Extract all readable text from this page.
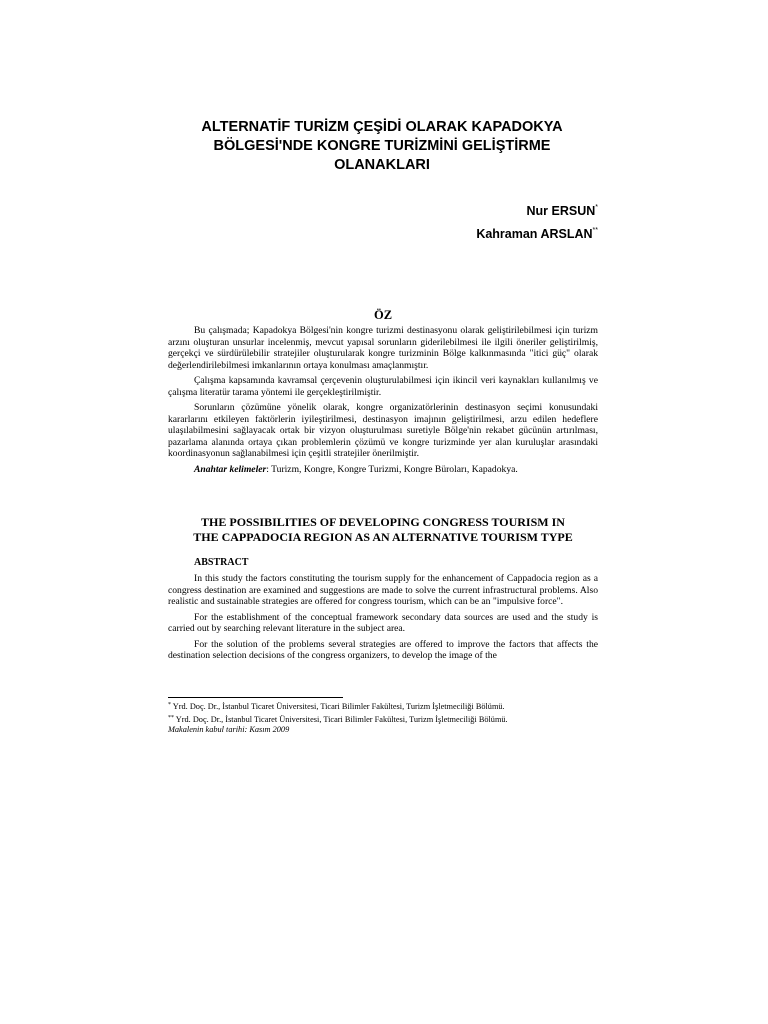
ALTERNATİF TURİZM ÇEŞİDİ OLARAK KAPADOKYA
BÖLGESİ'NDE KONGRE TURİZMİNİ GELİŞTİRME
OLANAKLARI
Nur ERSUN*
Kahraman ARSLAN**
ÖZ

Bu çalışmada; Kapadokya Bölgesi'nin kongre turizmi destinasyonu olarak geliştirilebilmesi için turizm arzını oluşturan unsurlar incelenmiş, mevcut yapısal sorunların giderilebilmesi ile ilgili öneriler geliştirilmiş, gerçekçi ve sürdürülebilir stratejiler oluşturularak kongre turizminin Bölge kalkınmasında "itici güç" olarak değerlendirilebilmesi imkanlarının ortaya konulması amaçlanmıştır.

Çalışma kapsamında kavramsal çerçevenin oluşturulabilmesi için ikincil veri kaynakları kullanılmış ve çalışma literatür tarama yöntemi ile gerçekleştirilmiştir.

Sorunların çözümüne yönelik olarak, kongre organizatörlerinin destinasyon seçimi konusundaki kararlarını etkileyen faktörlerin iyileştirilmesi, destinasyon imajının geliştirilmesi, arzu edilen hedeflere ulaşılabilmesini sağlayacak ortak bir vizyon oluşturulması suretiyle Bölge'nin rekabet gücünün artırılması, pazarlama alanında ortaya çıkan problemlerin çözümü ve kongre turizminde yer alan kuruluşlar arasındaki koordinasyonun sağlanabilmesi için çeşitli stratejiler önerilmiştir.

Anahtar kelimeler: Turizm, Kongre, Kongre Turizmi, Kongre Büroları, Kapadokya.

THE POSSIBILITIES OF DEVELOPING CONGRESS TOURISM IN
THE CAPPADOCIA REGION AS AN ALTERNATIVE TOURISM TYPE
ABSTRACT

In this study the factors constituting the tourism supply for the enhancement of Cappadocia region as a congress destination are examined and suggestions are made to solve the current infrastructural problems. Also realistic and sustainable strategies are offered for congress tourism, which can be an "impulsive force".

For the establishment of the conceptual framework secondary data sources are used and the study is carried out by searching relevant literature in the subject area.

For the solution of the problems several strategies are offered to improve the factors that affects the destination selection decisions of the congress organizers, to develop the image of the

* Yrd. Doç. Dr., İstanbul Ticaret Üniversitesi, Ticari Bilimler Fakültesi, Turizm İşletmeciliği Bölümü.
** Yrd. Doç. Dr., İstanbul Ticaret Üniversitesi, Ticari Bilimler Fakültesi, Turizm İşletmeciliği Bölümü.
Makalenin kabul tarihi: Kasım 2009
